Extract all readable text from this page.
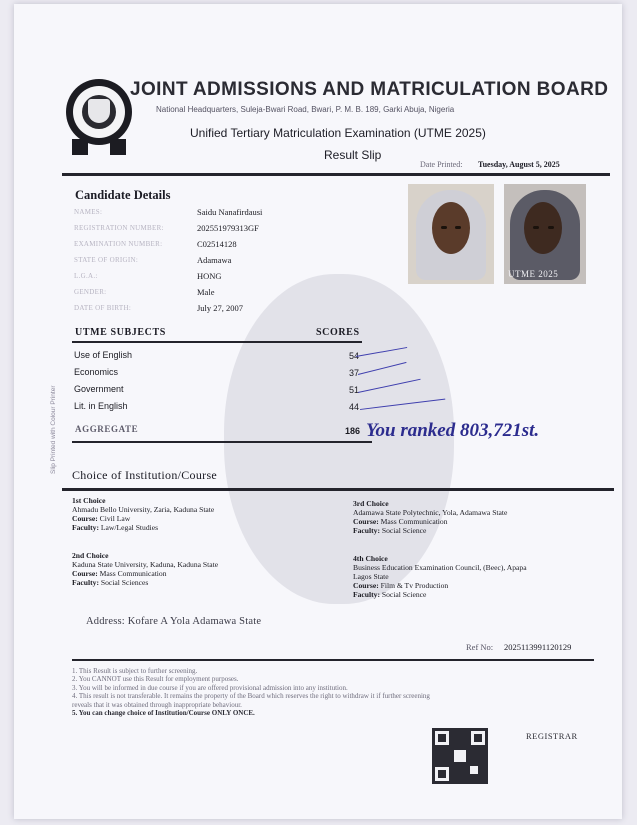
JOINT ADMISSIONS AND MATRICULATION BOARD
National Headquarters, Suleja-Bwari Road, Bwari, P. M. B. 189, Garki Abuja, Nigeria
Unified Tertiary Matriculation Examination (UTME 2025)
Result Slip
Date Printed: Tuesday, August 5, 2025
Candidate Details
NAMES:	Saidu Nanafirdausi
REGISTRATION NUMBER:	202551979313GF
EXAMINATION NUMBER:	C02514128
STATE OF ORIGIN:	Adamawa
L.G.A.:	HONG
GENDER:	Male
DATE OF BIRTH:	July 27, 2007
UTME 2025
UTME SUBJECTS	SCORES
Use of English	54
Economics	37
Government	51
Lit. in English	44
AGGREGATE	186 You ranked 803,721st.
Slip Printed with Colour Printer
Choice of Institution/Course
1st Choice
Ahmadu Bello University, Zaria, Kaduna State
Course: Civil Law
Faculty: Law/Legal Studies
2nd Choice
Kaduna State University, Kaduna, Kaduna State
Course: Mass Communication
Faculty: Social Sciences
3rd Choice
Adamawa State Polytechnic, Yola, Adamawa State
Course: Mass Communication
Faculty: Social Science
4th Choice
Business Education Examination Council, (Beec), Apapa
Lagos State
Course: Film & Tv Production
Faculty: Social Science
Address: Kofare A Yola Adamawa State
Ref No: 2025113991120129
1. This Result is subject to further screening.
2. You CANNOT use this Result for employment purposes.
3. You will be informed in due course if you are offered provisional admission into any institution.
4. This result is not transferable. It remains the property of the Board which reserves the right to withdraw it if further screening
reveals that it was obtained through inappropriate behaviour.
5. You can change choice of Institution/Course ONLY ONCE.
REGISTRAR
